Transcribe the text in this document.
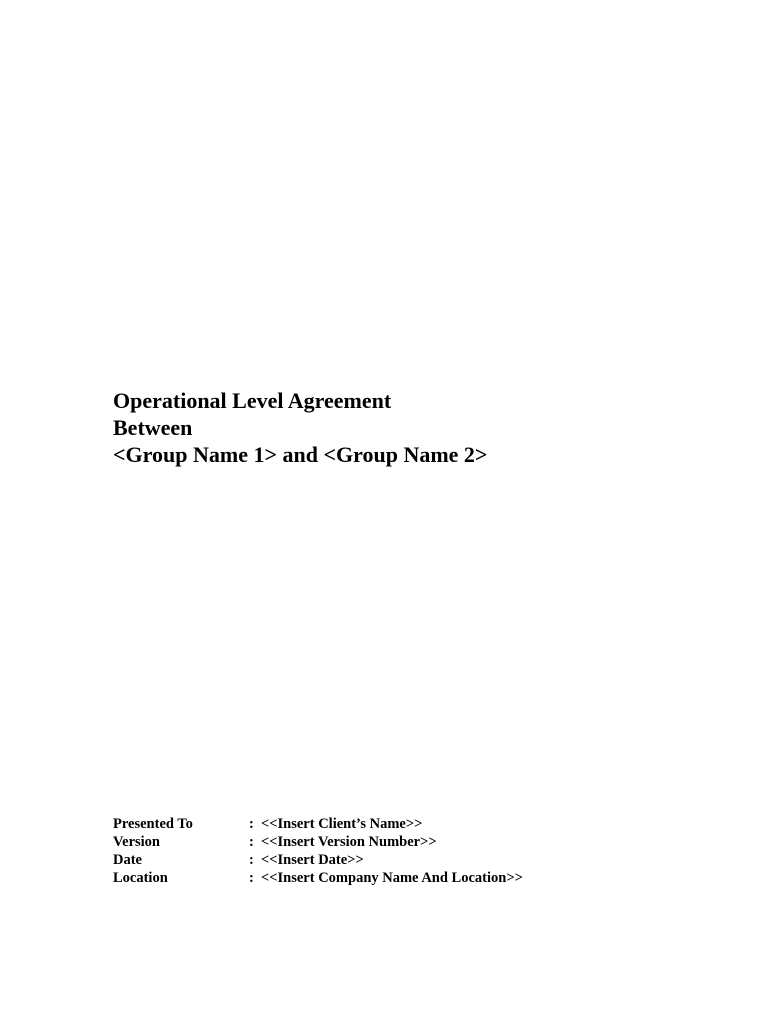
Operational Level Agreement
Between
<Group Name 1> and <Group Name 2>
Presented To	: <<Insert Client’s Name>>
Version	: <<Insert Version Number>>
Date	: <<Insert Date>>
Location	: <<Insert Company Name And Location>>
